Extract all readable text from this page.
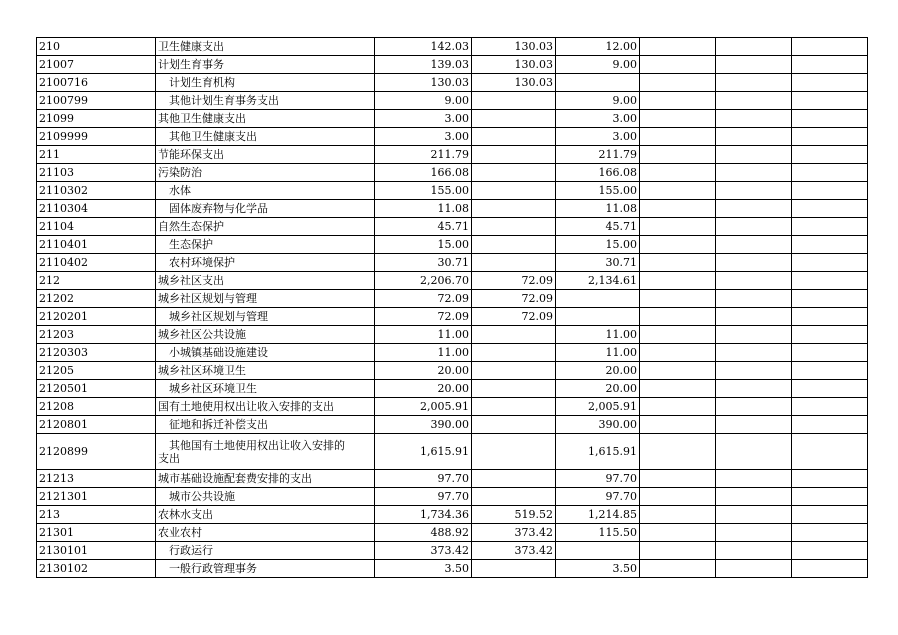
210	卫生健康支出	142.03	130.03	12.00			
21007	计划生育事务	139.03	130.03	9.00			
2100716	计划生育机构	130.03	130.03				
2100799	其他计划生育事务支出	9.00		9.00			
21099	其他卫生健康支出	3.00		3.00			
2109999	其他卫生健康支出	3.00		3.00			
211	节能环保支出	211.79		211.79			
21103	污染防治	166.08		166.08			
2110302	水体	155.00		155.00			
2110304	固体废弃物与化学品	11.08		11.08			
21104	自然生态保护	45.71		45.71			
2110401	生态保护	15.00		15.00			
2110402	农村环境保护	30.71		30.71			
212	城乡社区支出	2,206.70	72.09	2,134.61			
21202	城乡社区规划与管理	72.09	72.09				
2120201	城乡社区规划与管理	72.09	72.09				
21203	城乡社区公共设施	11.00		11.00			
2120303	小城镇基础设施建设	11.00		11.00			
21205	城乡社区环境卫生	20.00		20.00			
2120501	城乡社区环境卫生	20.00		20.00			
21208	国有土地使用权出让收入安排的支出	2,005.91		2,005.91			
2120801	征地和拆迁补偿支出	390.00		390.00			
2120899	其他国有土地使用权出让收入安排的
支出	1,615.91		1,615.91			
21213	城市基础设施配套费安排的支出	97.70		97.70			
2121301	城市公共设施	97.70		97.70			
213	农林水支出	1,734.36	519.52	1,214.85			
21301	农业农村	488.92	373.42	115.50			
2130101	行政运行	373.42	373.42				
2130102	一般行政管理事务	3.50		3.50			
